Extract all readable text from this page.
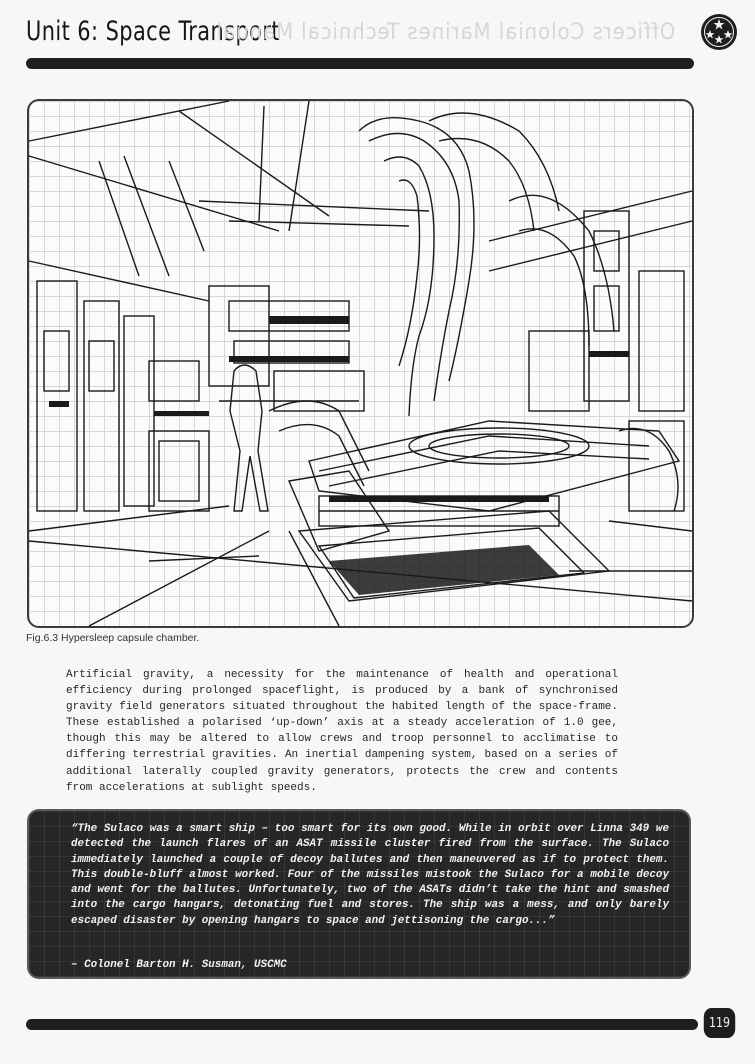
Unit 6: Space Transport
Officers Colonial Marines Technical Manual
Fig.6.3 Hypersleep capsule chamber.

Artificial gravity, a necessity for the maintenance of health and operational efficiency during prolonged spaceflight, is produced by a bank of synchronised gravity field generators situated throughout the habited length of the space-frame. These established a polarised ‘up-down’ axis at a steady acceleration of 1.0 gee, though this may be altered to allow crews and troop personnel to acclimatise to differing terrestrial gravities. An inertial dampening system, based on a series of additional laterally coupled gravity generators, protects the crew and contents from accelerations at sublight speeds.

“The Sulaco was a smart ship – too smart for its own good. While in orbit over Linna 349 we detected the launch flares of an ASAT missile cluster fired from the surface. The Sulaco immediately launched a couple of decoy ballutes and then maneuvered as if to protect them. This double-bluff almost worked. Four of the missiles mistook the Sulaco for a mobile decoy and went for the ballutes. Unfortunately, two of the ASATs didn’t take the hint and smashed into the cargo hangars, detonating fuel and stores. The ship was a mess, and only barely escaped disaster by opening hangars to space and jettisoning the cargo...”

– Colonel Barton H. Susman, USCMC
119
